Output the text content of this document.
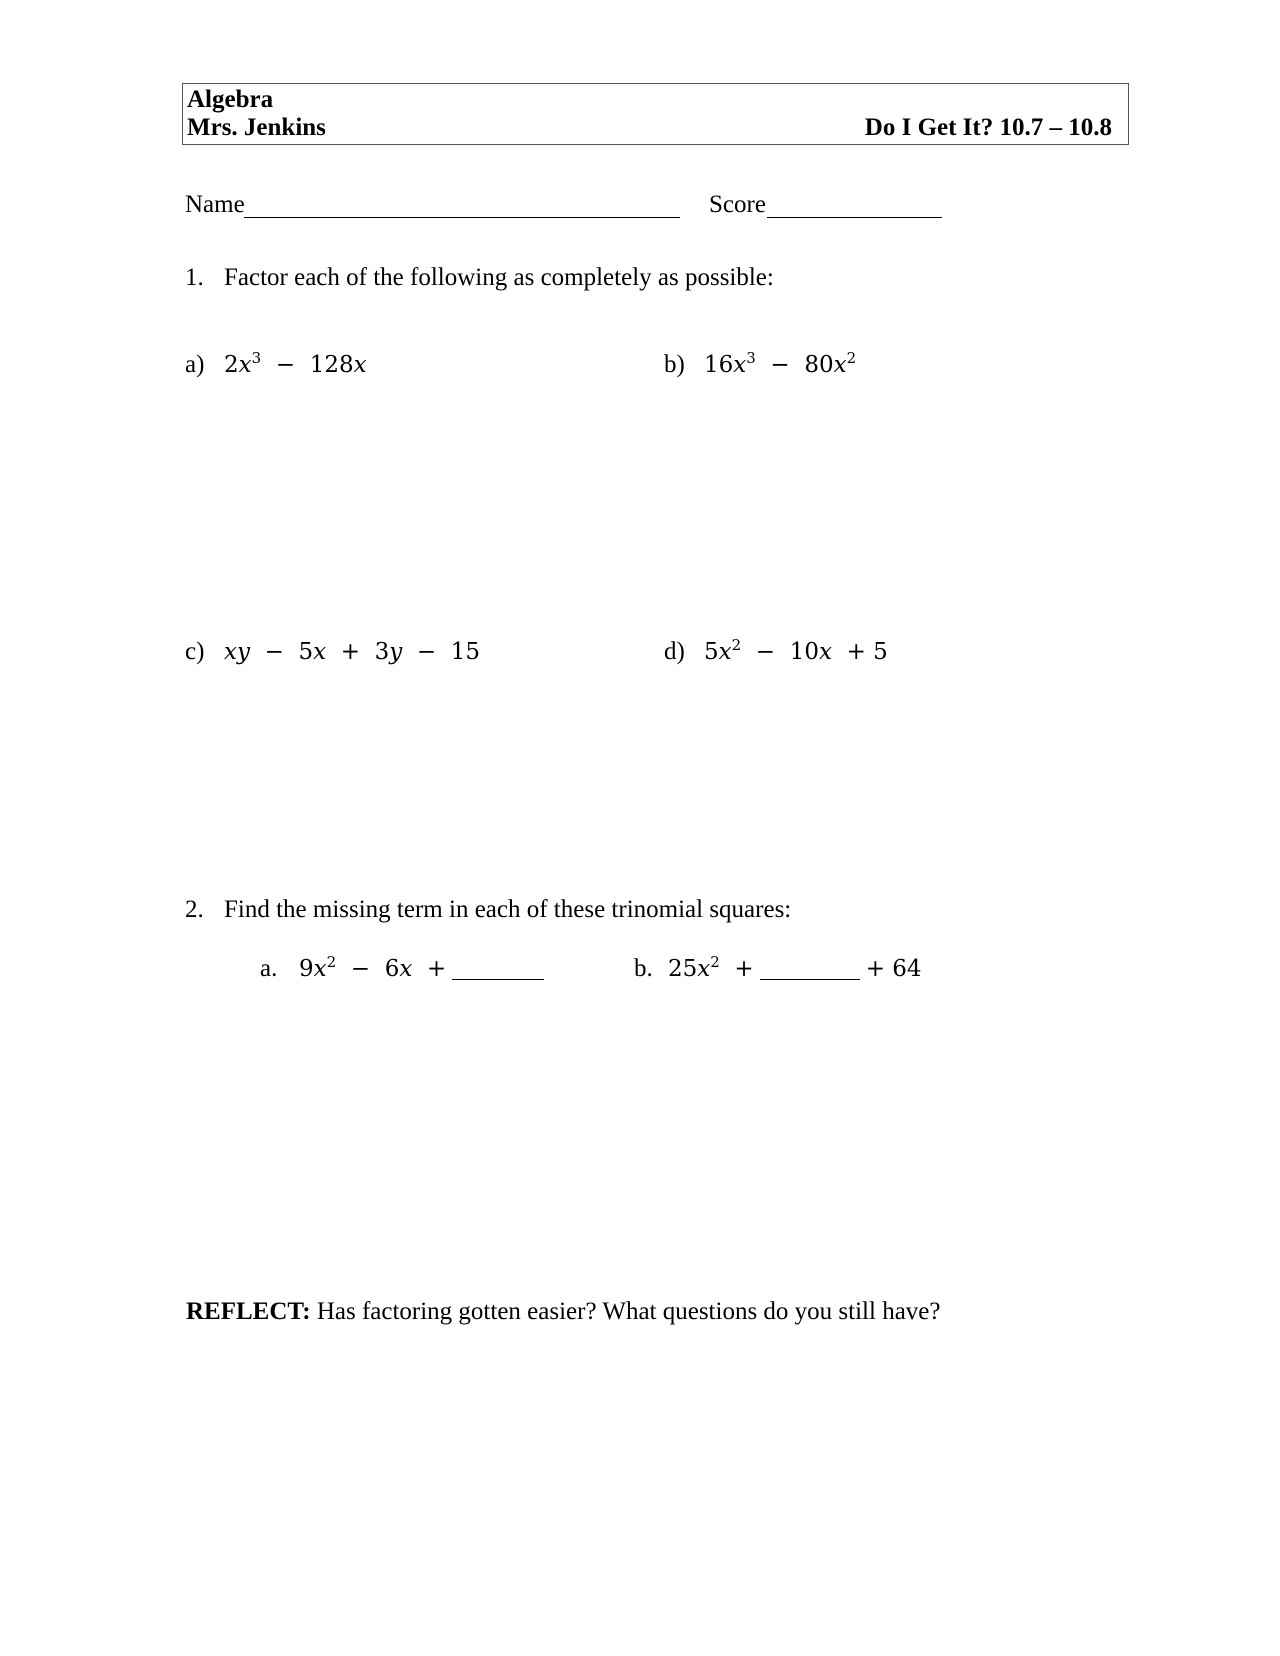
Algebra
Mrs. Jenkins	Do I Get It? 10.7 – 10.8
Name	Score
1. Factor each of the following as completely as possible:
a) $2x^3 - 128x$	b) $16x^3 - 80x^2$
c) xy  −  5x  +  3y  −  15	d) $5x^2 - 10x + 5$
2. Find the missing term in each of these trinomial squares:
a. $9x^2 - 6x$  +	b. $25x^2$  +	+ 64
REFLECT: Has factoring gotten easier? What questions do you still have?
